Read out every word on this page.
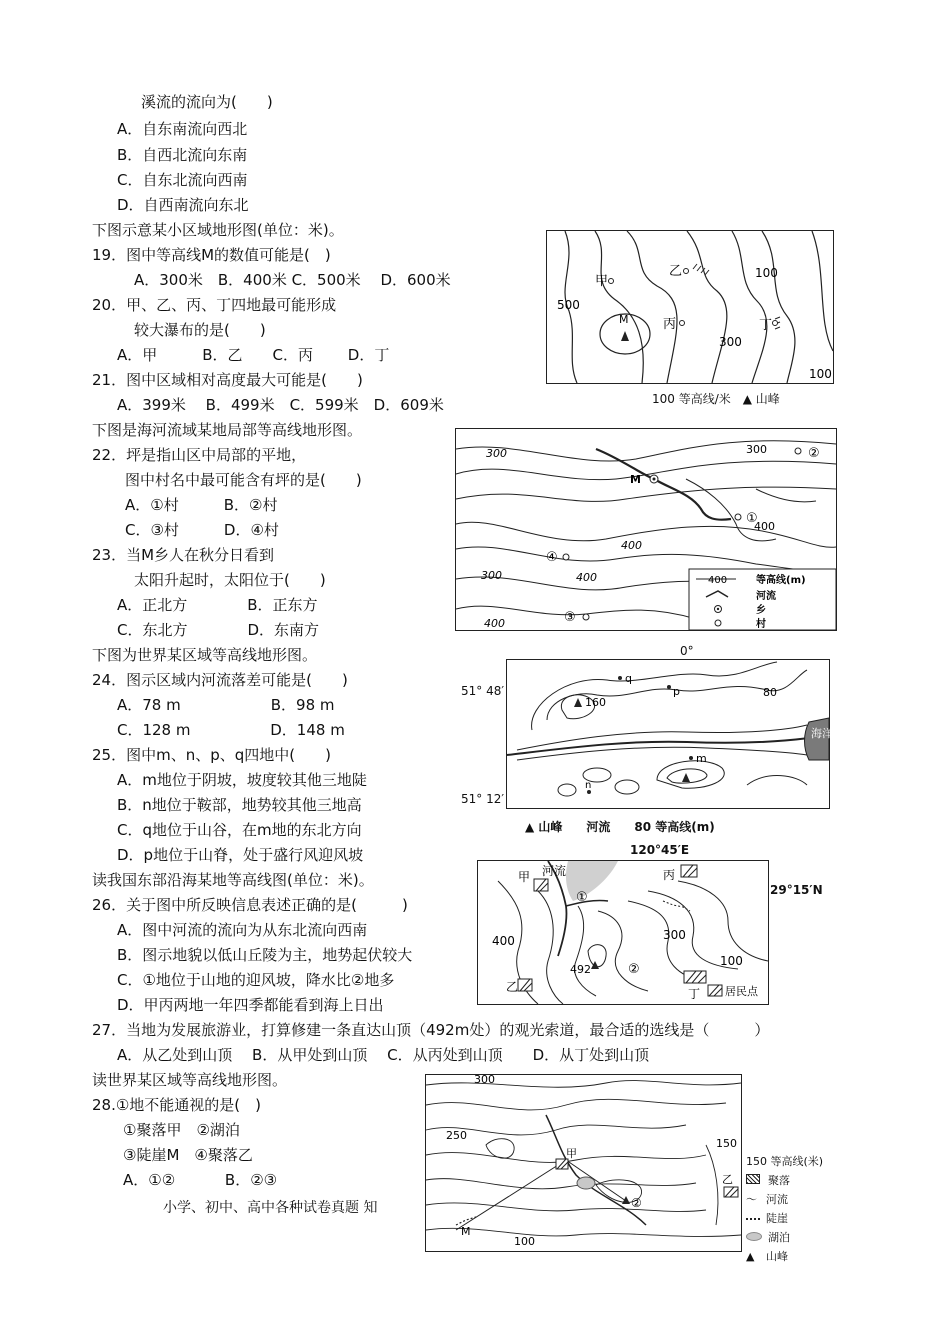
溪流的流向为(　　)
A．自东南流向西北
B．自西北流向东南
C．自东北流向西南
D．自西南流向东北
下图示意某小区域地形图(单位：米)。
19．图中等高线M的数值可能是(　)
A．300米　B．400米 C．500米　 D．600米
20．甲、乙、丙、丁四地最可能形成
较大瀑布的是(　　)
A．甲　　　B．乙　　C．丙　　 D．丁
21．图中区域相对高度最大可能是(　　)
A．399米　 B．499米　C．599米　D．609米
下图是海河流域某地局部等高线地形图。
22．坪是指山区中局部的平地，
图中村名中最可能含有坪的是(　　)
A．①村　　　B．②村
C．③村　　　D．④村
23．当M乡人在秋分日看到
太阳升起时，太阳位于(　　)
A．正北方　　　　B．正东方
C．东北方　　　　D．东南方
下图为世界某区域等高线地形图。
24．图示区域内河流落差可能是(　　)
A．78 m　　　　　　B．98 m
C．128 m　　　　　 D．148 m
25．图中m、n、p、q四地中(　　)
A．m地位于阴坡，坡度较其他三地陡
B．n地位于鞍部，地势较其他三地高
C．q地位于山谷，在m地的东北方向
D．p地位于山脊，处于盛行风迎风坡
读我国东部沿海某地等高线图(单位：米)。
26．关于图中所反映信息表述正确的是(　　　)
A．图中河流的流向为从东北流向西南
B．图示地貌以低山丘陵为主，地势起伏较大
C．①地位于山地的迎风坡，降水比②地多
D．甲丙两地一年四季都能看到海上日出
27．当地为发展旅游业，打算修建一条直达山顶（492m处）的观光索道，最合适的选线是（　　　）
A．从乙处到山顶　 B．从甲处到山顶　 C．从丙处到山顶　　D．从丁处到山顶
读世界某区域等高线地形图。
28.①地不能通视的是(　)
①聚落甲　②湖泊
③陡崖M　④聚落乙
A．①②　　　 B．②③
小学、初中、高中各种试卷真题 知
甲
乙
丙	丁
M
500
100
300
100
100 等高线/米　▲ 山峰
300	300
300
400
400
400
400
M
①
②
③
④
400	等高线(m)
河流
乡
村
160
q
p
m
n
80
海洋
0°
51° 48′
51° 12′
▲ 山峰　　河流　　80 等高线(m)
甲 河流	丙
乙	丁
①
②
400	300
100
492
居民点
120°45′E
29°15′N
300
250
150
100
M
甲
乙
②
150 等高线(米)
聚落
～ 河流
陡崖
湖泊
▲ 山峰
